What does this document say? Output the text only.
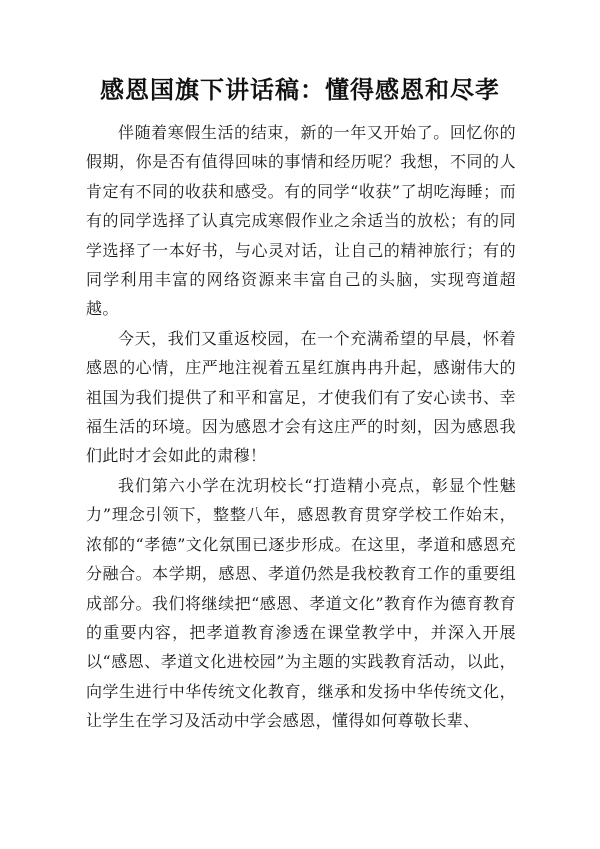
感恩国旗下讲话稿：懂得感恩和尽孝

伴随着寒假生活的结束，新的一年又开始了。回忆你的假期，你是否有值得回味的事情和经历呢？我想，不同的人肯定有不同的收获和感受。有的同学“收获”了胡吃海睡；而有的同学选择了认真完成寒假作业之余适当的放松；有的同学选择了一本好书，与心灵对话，让自己的精神旅行；有的同学利用丰富的网络资源来丰富自己的头脑，实现弯道超越。

今天，我们又重返校园，在一个充满希望的早晨，怀着感恩的心情，庄严地注视着五星红旗冉冉升起，感谢伟大的祖国为我们提供了和平和富足，才使我们有了安心读书、幸福生活的环境。因为感恩才会有这庄严的时刻，因为感恩我们此时才会如此的肃穆！

我们第六小学在沈玥校长“打造精小亮点，彰显个性魅力”理念引领下，整整八年，感恩教育贯穿学校工作始末，浓郁的“孝德”文化氛围已逐步形成。在这里，孝道和感恩充分融合。本学期，感恩、孝道仍然是我校教育工作的重要组成部分。我们将继续把“感恩、孝道文化”教育作为德育教育的重要内容，把孝道教育渗透在课堂教学中，并深入开展以“感恩、孝道文化进校园”为主题的实践教育活动，以此，向学生进行中华传统文化教育，继承和发扬中华传统文化，让学生在学习及活动中学会感恩，懂得如何尊敬长辈、
